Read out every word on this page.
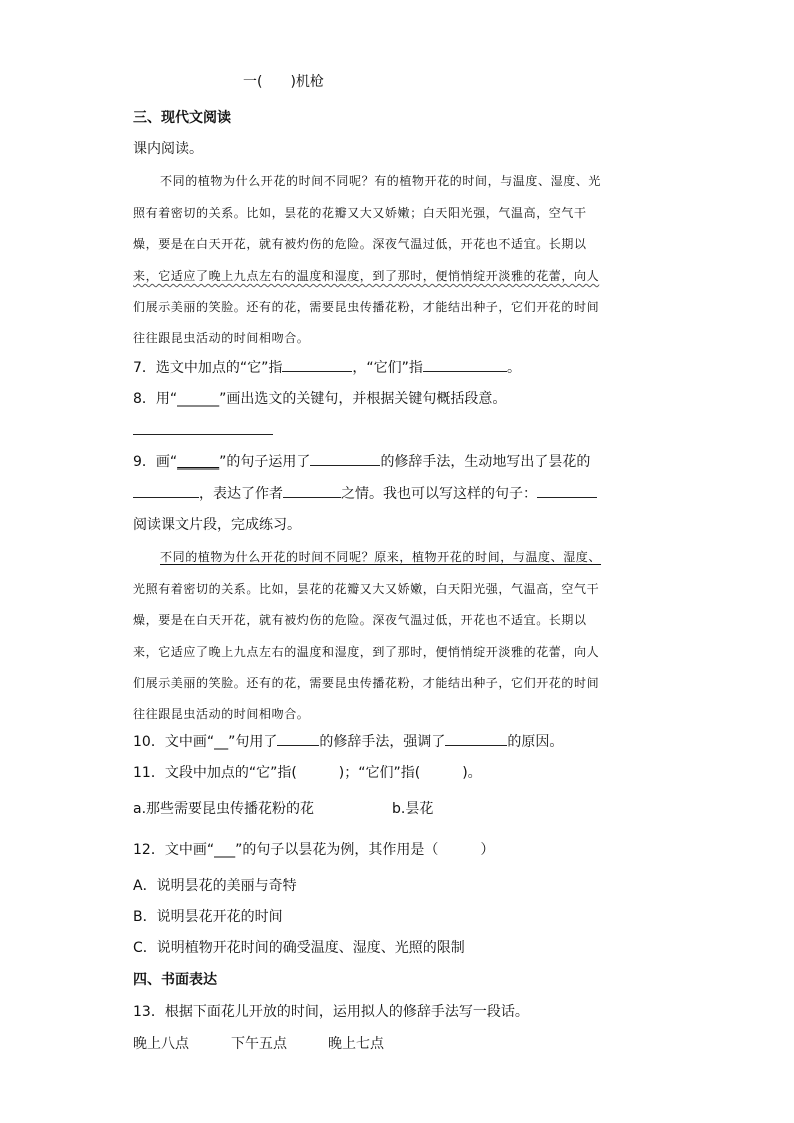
一(　　)机枪
三、现代文阅读
课内阅读。
不同的植物为什么开花的时间不同呢？有的植物开花的时间，与温度、湿度、光
照有着密切的关系。比如，昙花的花瓣又大又娇嫩；白天阳光强，气温高，空气干
燥，要是在白天开花，就有被灼伤的危险。深夜气温过低，开花也不适宜。长期以
来，它适应了晚上九点左右的温度和湿度，到了那时，便悄悄绽开淡雅的花蕾，向人
们展示美丽的笑脸。还有的花，需要昆虫传播花粉，才能结出种子，它们开花的时间
往往跟昆虫活动的时间相吻合。
7．选文中加点的“它”指	，“它们”指	。
8．用“______”画出选文的关键句，并根据关键句概括段意。
9．画“______”的句子运用了	的修辞手法，生动地写出了昙花的
，表达了作者	之情。我也可以写这样的句子：
阅读课文片段，完成练习。
不同的植物为什么开花的时间不同呢？原来，植物开花的时间，与温度、湿度、
光照有着密切的关系。比如，昙花的花瓣又大又娇嫩，白天阳光强，气温高，空气干
燥，要是在白天开花，就有被灼伤的危险。深夜气温过低，开花也不适宜。长期以
来，它适应了晚上九点左右的温度和湿度，到了那时，便悄悄绽开淡雅的花蕾，向人
们展示美丽的笑脸。还有的花，需要昆虫传播花粉，才能结出种子，它们开花的时间
往往跟昆虫活动的时间相吻合。
10．文中画“__”句用了	的修辞手法，强调了	的原因。
11．文段中加点的“它”指(　　　)；“它们”指(　　　)。
a.那些需要昆虫传播花粉的花	b.昙花
12．文中画“___”的句子以昙花为例，其作用是（　　　）
A．说明昙花的美丽与奇特
B．说明昙花开花的时间
C．说明植物开花时间的确受温度、湿度、光照的限制
四、书面表达
13．根据下面花儿开放的时间，运用拟人的修辞手法写一段话。
晚上八点	下午五点	晚上七点
